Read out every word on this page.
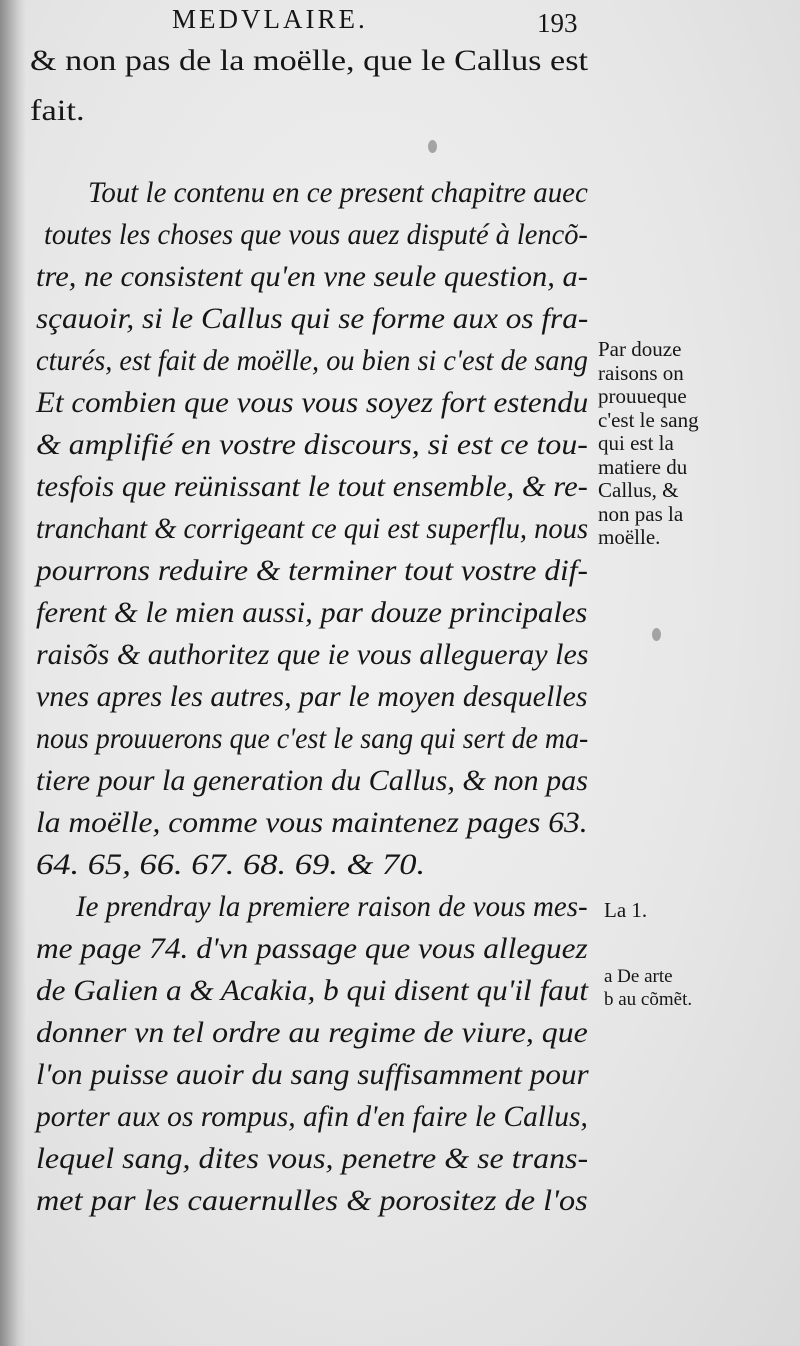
MEDVLAIRE.	193
& non pas de la moëlle, que le Callus est
fait.
Tout le contenu en ce present chapitre auec
toutes les choses que vous auez disputé à lencõ-
tre, ne consistent qu'en vne seule question, a-
sçauoir, si le Callus qui se forme aux os fra-
cturés, est fait de moëlle, ou bien si c'est de sang
Et combien que vous vous soyez fort estendu
& amplifié en vostre discours, si est ce tou-
tesfois que reünissant le tout ensemble, & re-
tranchant & corrigeant ce qui est superflu, nous
pourrons reduire & terminer tout vostre dif-
ferent & le mien aussi, par douze principales
raisõs & authoritez que ie vous allegueray les
vnes apres les autres, par le moyen desquelles
nous prouuerons que c'est le sang qui sert de ma-
tiere pour la generation du Callus, & non pas
la moëlle, comme vous maintenez pages 63.
64. 65, 66. 67. 68. 69. & 70.
Ie prendray la premiere raison de vous mes-
me page 74. d'vn passage que vous alleguez
de Galien a & Acakia, b qui disent qu'il faut
donner vn tel ordre au regime de viure, que
l'on puisse auoir du sang suffisamment pour
porter aux os rompus, afin d'en faire le Callus,
lequel sang, dites vous, penetre & se trans-
met par les cauernulles & porositez de l'os
Par douze
raisons on
prouueque
c'est le sang
qui est la
matiere du
Callus, &
non pas la
moëlle.
La 1.
a De arte
b au cõmẽt.
